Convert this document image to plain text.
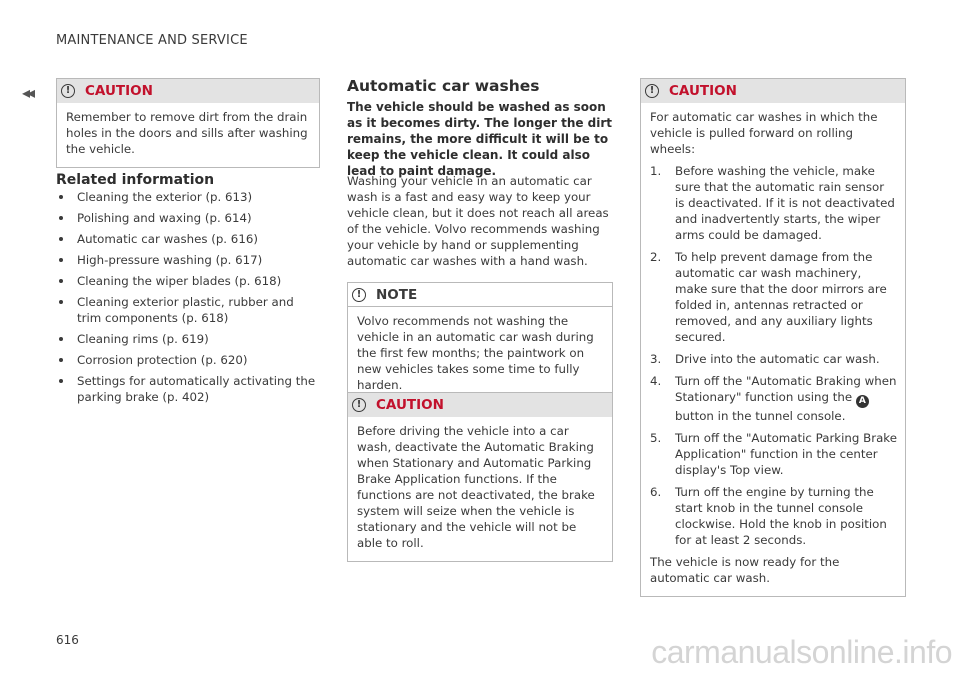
MAINTENANCE AND SERVICE
◂◂	!	CAUTION
Remember to remove dirt from the drain holes in the doors and sills after washing the vehicle.
Related information
Cleaning the exterior (p. 613)
Polishing and waxing (p. 614)
Automatic car washes (p. 616)
High-pressure washing (p. 617)
Cleaning the wiper blades (p. 618)
Cleaning exterior plastic, rubber and trim components (p. 618)
Cleaning rims (p. 619)
Corrosion protection (p. 620)
Settings for automatically activating the parking brake (p. 402)
Automatic car washes
The vehicle should be washed as soon as it becomes dirty. The longer the dirt remains, the more difficult it will be to keep the vehicle clean. It could also lead to paint damage.
Washing your vehicle in an automatic car wash is a fast and easy way to keep your vehicle clean, but it does not reach all areas of the vehicle. Volvo recommends washing your vehicle by hand or supplementing automatic car washes with a hand wash.
!	NOTE
Volvo recommends not washing the vehicle in an automatic car wash during the first few months; the paintwork on new vehicles takes some time to fully harden.
!	CAUTION
Before driving the vehicle into a car wash, deactivate the Automatic Braking when Stationary and Automatic Parking Brake Application functions. If the functions are not deactivated, the brake system will seize when the vehicle is stationary and the vehicle will not be able to roll.
!	CAUTION
For automatic car washes in which the vehicle is pulled forward on rolling wheels:
1. Before washing the vehicle, make sure that the automatic rain sensor is deactivated. If it is not deactivated and inadvertently starts, the wiper arms could be damaged.
2. To help prevent damage from the automatic car wash machinery, make sure that the door mirrors are folded in, antennas retracted or removed, and any auxiliary lights secured.
3. Drive into the automatic car wash.
4. Turn off the "Automatic Braking when Stationary" function using the A button in the tunnel console.
5. Turn off the "Automatic Parking Brake Application" function in the center display's Top view.
6. Turn off the engine by turning the start knob in the tunnel console clockwise. Hold the knob in position for at least 2 seconds.
The vehicle is now ready for the automatic car wash.
616	carmanualsonline.info
